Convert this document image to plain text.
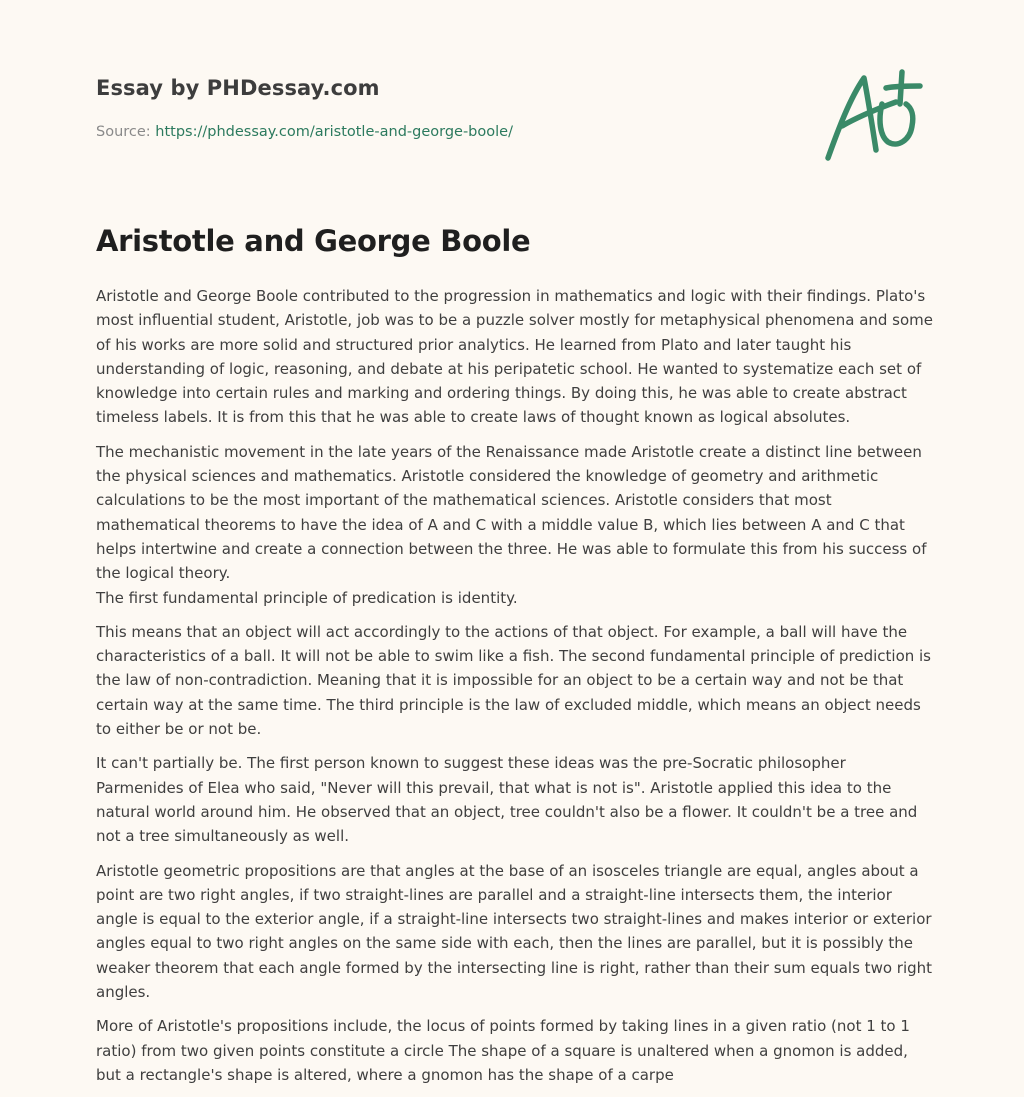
Essay by PHDessay.com
Source: https://phdessay.com/aristotle-and-george-boole/
Aristotle and George Boole

Aristotle and George Boole contributed to the progression in mathematics and logic with their findings. Plato's most influential student, Aristotle, job was to be a puzzle solver mostly for metaphysical phenomena and some of his works are more solid and structured prior analytics. He learned from Plato and later taught his understanding of logic, reasoning, and debate at his peripatetic school. He wanted to systematize each set of knowledge into certain rules and marking and ordering things. By doing this, he was able to create abstract timeless labels. It is from this that he was able to create laws of thought known as logical absolutes.

The mechanistic movement in the late years of the Renaissance made Aristotle create a distinct line between the physical sciences and mathematics. Aristotle considered the knowledge of geometry and arithmetic calculations to be the most important of the mathematical sciences. Aristotle considers that most mathematical theorems to have the idea of A and C with a middle value B, which lies between A and C that helps intertwine and create a connection between the three. He was able to formulate this from his success of the logical theory.
The first fundamental principle of predication is identity.

This means that an object will act accordingly to the actions of that object. For example, a ball will have the characteristics of a ball. It will not be able to swim like a fish. The second fundamental principle of prediction is the law of non-contradiction. Meaning that it is impossible for an object to be a certain way and not be that certain way at the same time. The third principle is the law of excluded middle, which means an object needs to either be or not be.

It can't partially be. The first person known to suggest these ideas was the pre-Socratic philosopher Parmenides of Elea who said, "Never will this prevail, that what is not is". Aristotle applied this idea to the natural world around him. He observed that an object, tree couldn't also be a flower. It couldn't be a tree and not a tree simultaneously as well.

Aristotle geometric propositions are that angles at the base of an isosceles triangle are equal, angles about a point are two right angles, if two straight-lines are parallel and a straight-line intersects them, the interior angle is equal to the exterior angle, if a straight-line intersects two straight-lines and makes interior or exterior angles equal to two right angles on the same side with each, then the lines are parallel, but it is possibly the weaker theorem that each angle formed by the intersecting line is right, rather than their sum equals two right angles.

More of Aristotle's propositions include, the locus of points formed by taking lines in a given ratio (not 1 to 1 ratio) from two given points constitute a circle The shape of a square is unaltered when a gnomon is added, but a rectangle's shape is altered, where a gnomon has the shape of a carpe
